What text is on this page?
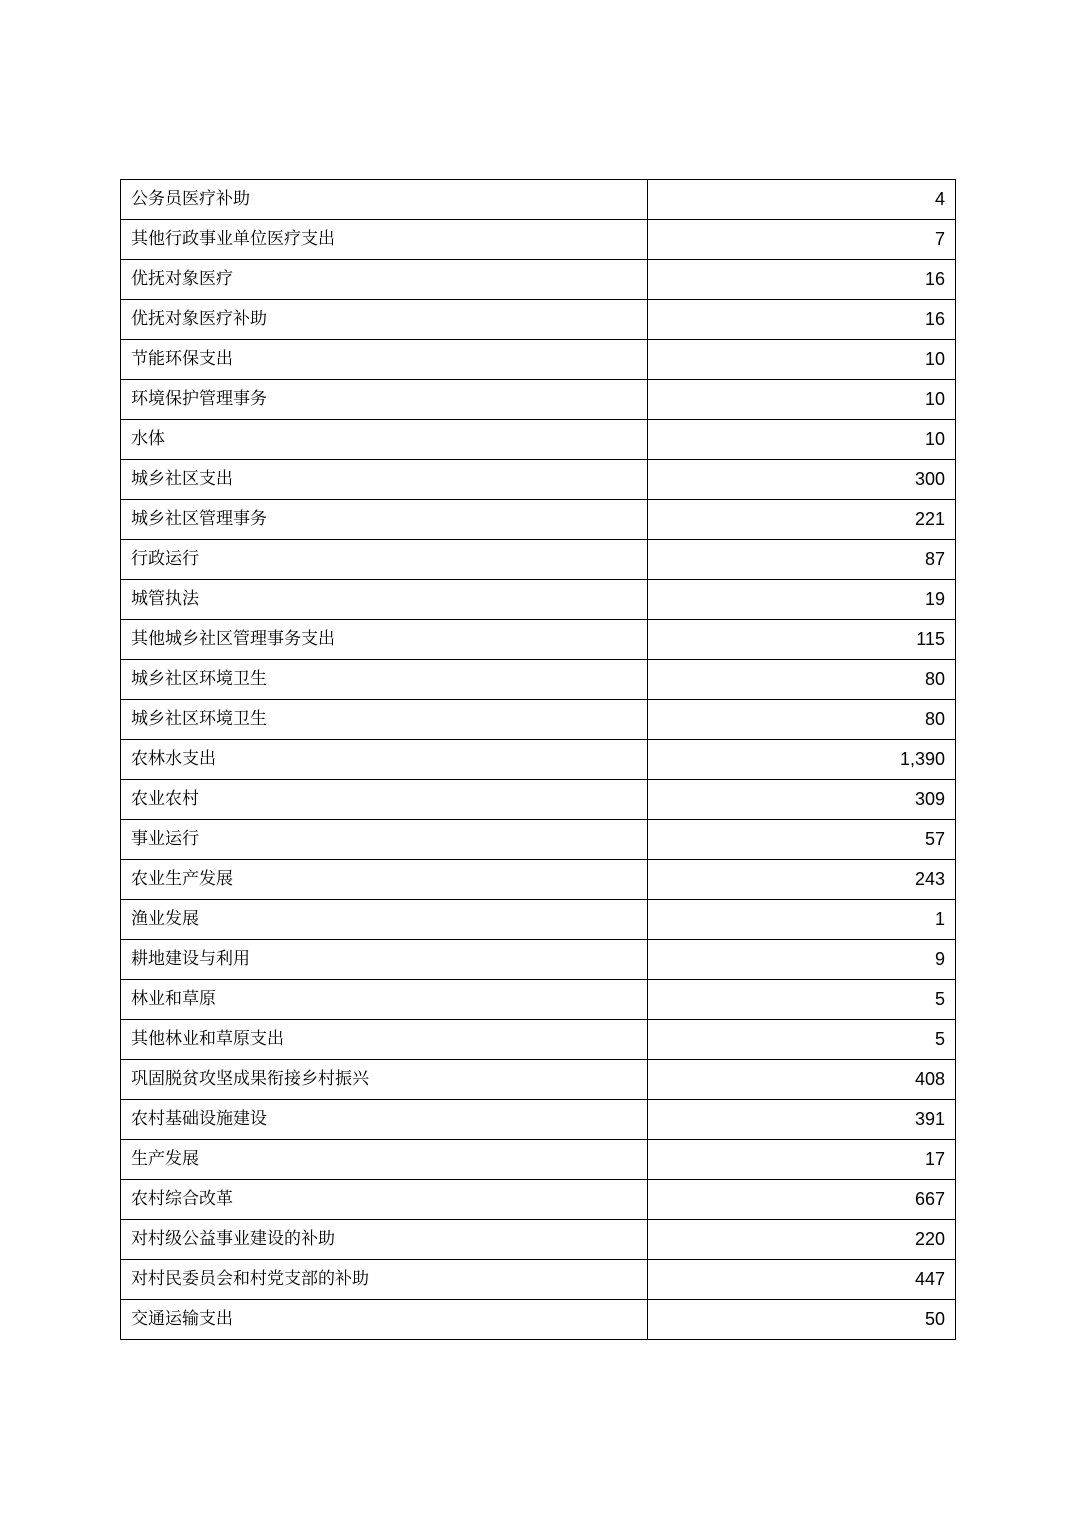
公务员医疗补助	4
其他行政事业单位医疗支出	7
优抚对象医疗	16
优抚对象医疗补助	16
节能环保支出	10
环境保护管理事务	10
水体	10
城乡社区支出	300
城乡社区管理事务	221
行政运行	87
城管执法	19
其他城乡社区管理事务支出	115
城乡社区环境卫生	80
城乡社区环境卫生	80
农林水支出	1,390
农业农村	309
事业运行	57
农业生产发展	243
渔业发展	1
耕地建设与利用	9
林业和草原	5
其他林业和草原支出	5
巩固脱贫攻坚成果衔接乡村振兴	408
农村基础设施建设	391
生产发展	17
农村综合改革	667
对村级公益事业建设的补助	220
对村民委员会和村党支部的补助	447
交通运输支出	50
